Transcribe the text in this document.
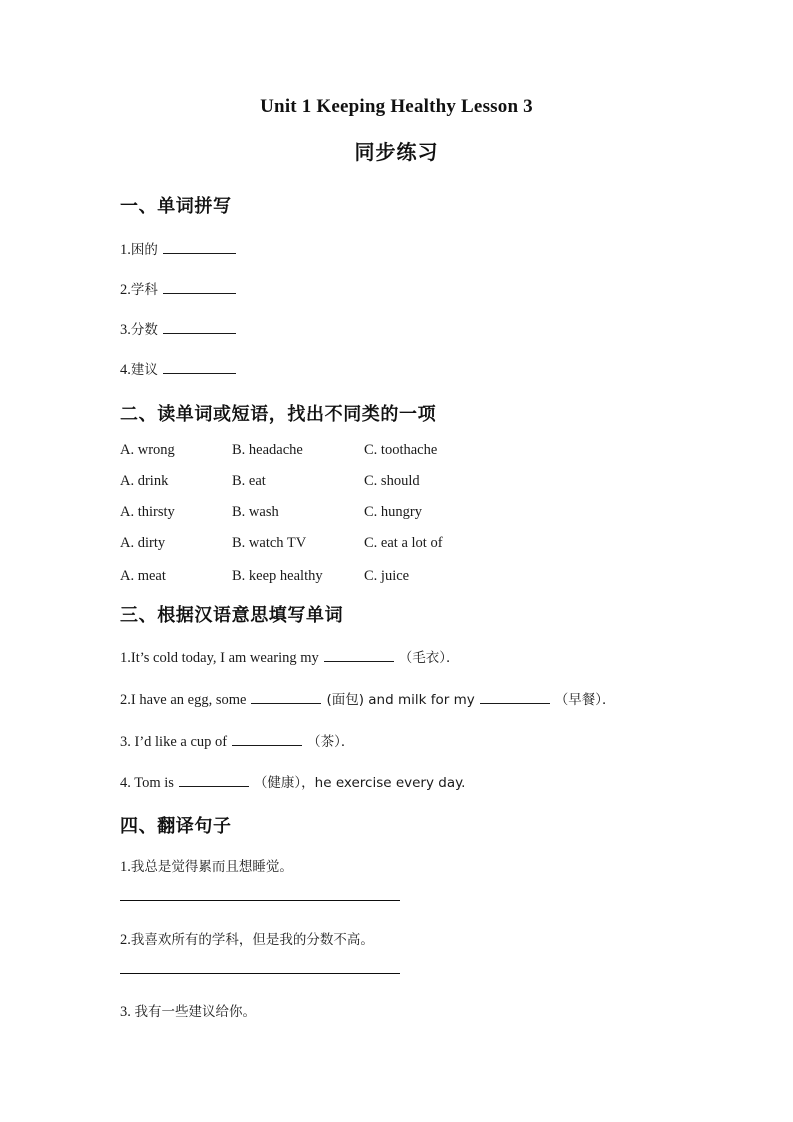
Unit 1 Keeping Healthy Lesson 3
同步练习
一、单词拼写
1.困的
2.学科
3.分数
4.建议
二、读单词或短语，找出不同类的一项
A. wrong	B. headache	C. toothache
A. drink	B. eat	C. should
A. thirsty	B. wash	C. hungry
A. dirty	B. watch TV	C. eat a lot of
A. meat	B. keep healthy	C. juice
三、根据汉语意思填写单词
1.It’s cold today, I am wearing my	（毛衣）．
2.I have an egg, some	(面包) and milk for my	（早餐）．
3. I’d like a cup of	（茶）．
4. Tom is	（健康），he exercise every day.
四、翻译句子
1.我总是觉得累而且想睡觉。
2.我喜欢所有的学科，但是我的分数不高。
3. 我有一些建议给你。
